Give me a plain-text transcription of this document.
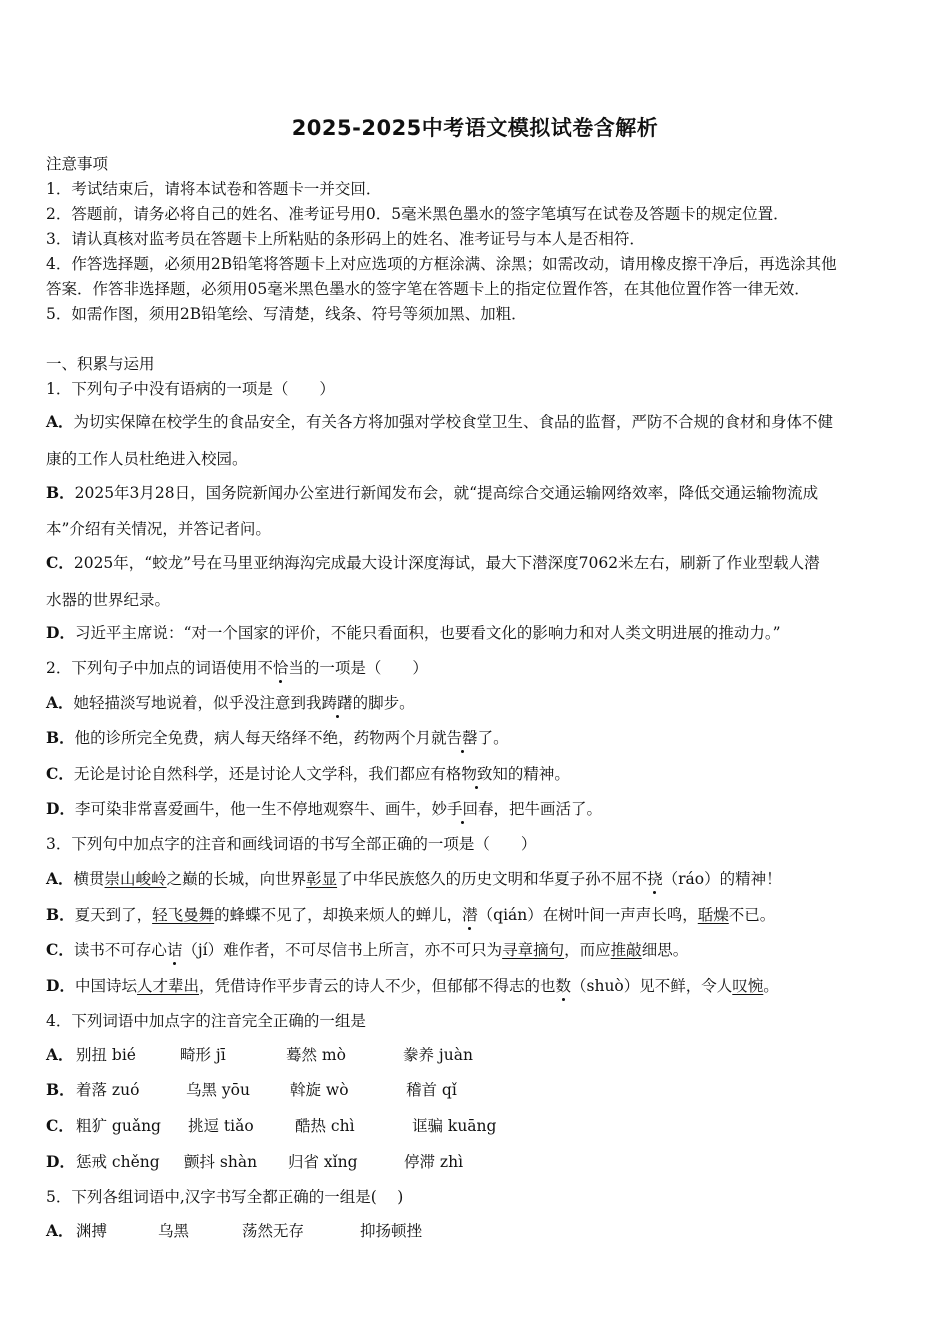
2025-2025中考语文模拟试卷含解析
注意事项
1．考试结束后，请将本试卷和答题卡一并交回．
2．答题前，请务必将自己的姓名、准考证号用0．5毫米黑色墨水的签字笔填写在试卷及答题卡的规定位置．
3．请认真核对监考员在答题卡上所粘贴的条形码上的姓名、准考证号与本人是否相符．
4．作答选择题，必须用2B铅笔将答题卡上对应选项的方框涂满、涂黑；如需改动，请用橡皮擦干净后，再选涂其他
答案．作答非选择题，必须用05毫米黑色墨水的签字笔在答题卡上的指定位置作答，在其他位置作答一律无效．
5．如需作图，须用2B铅笔绘、写清楚，线条、符号等须加黑、加粗．
一、积累与运用
1．下列句子中没有语病的一项是（　　）
A．为切实保障在校学生的食品安全，有关各方将加强对学校食堂卫生、食品的监督，严防不合规的食材和身体不健
康的工作人员杜绝进入校园。
B．2025年3月28日，国务院新闻办公室进行新闻发布会，就“提高综合交通运输网络效率，降低交通运输物流成
本”介绍有关情况，并答记者问。
C．2025年，“蛟龙”号在马里亚纳海沟完成最大设计深度海试，最大下潜深度7062米左右，刷新了作业型载人潜
水器的世界纪录。
D．习近平主席说：“对一个国家的评价，不能只看面积，也要看文化的影响力和对人类文明进展的推动力。”
2．下列句子中加点的词语使用不恰当的一项是（　　）
A．她轻描淡写地说着，似乎没注意到我踌躇的脚步。
B．他的诊所完全免费，病人每天络绎不绝，药物两个月就告罄了。
C．无论是讨论自然科学，还是讨论人文学科，我们都应有格物致知的精神。
D．李可染非常喜爱画牛，他一生不停地观察牛、画牛，妙手回春，把牛画活了。
3．下列句中加点字的注音和画线词语的书写全部正确的一项是（　　）
A．横贯崇山峻岭之巅的长城，向世界彰显了中华民族悠久的历史文明和华夏子孙不屈不挠（ráo）的精神！
B．夏天到了，轻飞曼舞的蜂蝶不见了，却换来烦人的蝉儿，潜（qián）在树叶间一声声长鸣，聒燥不已。
C．读书不可存心诘（jí）难作者，不可尽信书上所言，亦不可只为寻章摘句，而应推敲细思。
D．中国诗坛人才辈出，凭借诗作平步青云的诗人不少，但郁郁不得志的也数（shuò）见不鲜，令人叹惋。
4．下列词语中加点字的注音完全正确的一组是
A． 别扭 bié	畸形 jī	蓦然 mò	豢养 juàn
B． 着落 zuó	乌黑 yōu	斡旋 wò	稽首 qǐ
C． 粗犷 guǎng 挑逗 tiǎo	酷热 chì	诓骗 kuāng
D． 惩戒 chěng 颤抖 shàn 归省 xǐng	停滞 zhì
5．下列各组词语中,汉字书写全都正确的一组是(　 )
A． 渊搏	乌黑	荡然无存	抑扬顿挫
